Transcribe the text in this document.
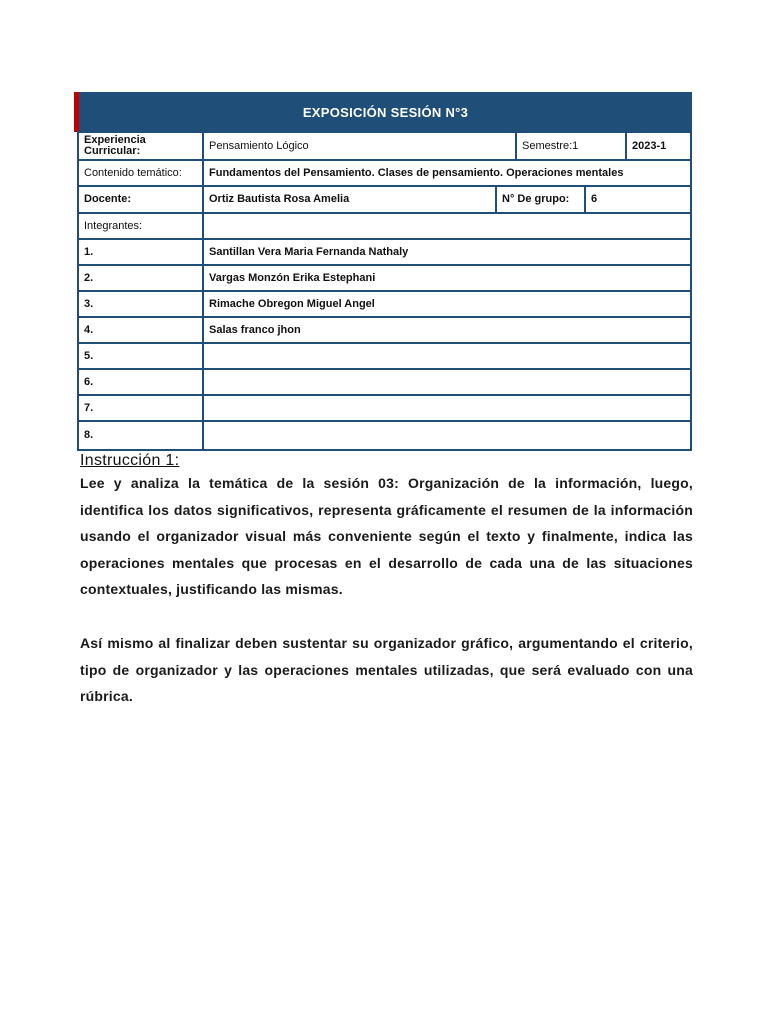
EXPOSICIÓN SESIÓN N°3
Experiencia Curricular:	Pensamiento Lógico	Semestre:1	2023-1
Contenido temático:	Fundamentos del Pensamiento. Clases de pensamiento. Operaciones mentales
Docente:	Ortiz Bautista Rosa Amelia	N° De grupo:	6
Integrantes:
1.	Santillan Vera Maria Fernanda Nathaly
2.	Vargas Monzón Erika Estephani
3.	Rimache Obregon Miguel Angel
4.	Salas franco jhon
5.
6.
7.
8.
Instrucción 1:
Lee y analiza la temática de la sesión 03: Organización de la información, luego, identifica los datos significativos, representa gráficamente el resumen de la información usando el organizador visual más conveniente según el texto y finalmente, indica las operaciones mentales que procesas en el desarrollo de cada una de las situaciones contextuales, justificando las mismas.
Así mismo al finalizar deben sustentar su organizador gráfico, argumentando el criterio, tipo de organizador y las operaciones mentales utilizadas, que será evaluado con una rúbrica.
